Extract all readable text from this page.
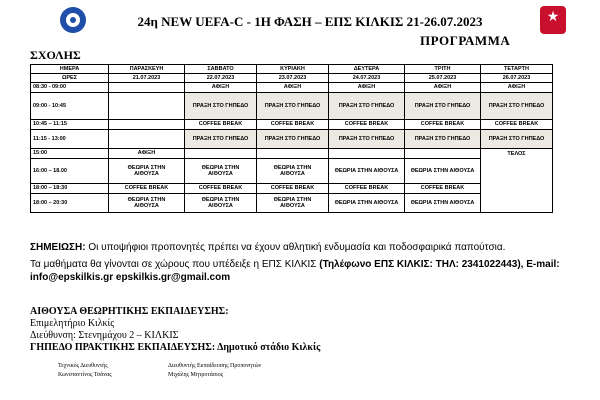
★
24η NEW UEFA-C - 1Η ΦΑΣΗ – ΕΠΣ ΚΙΛΚΙΣ 21-26.07.2023
ΠΡΟΓΡΑΜΜΑ
ΣΧΟΛΗΣ
ΗΜΕΡΑ	ΠΑΡΑΣΚΕΥΗ	ΣΑΒΒΑΤΟ	ΚΥΡΙΑΚΗ	ΔΕΥΤΕΡΑ	ΤΡΙΤΗ	ΤΕΤΑΡΤΗ
ΩΡΕΣ	21.07.2023	22.07.2023	23.07.2023	24.07.2023	25.07.2023	26.07.2023
08:30 - 09:00		ΑΦΙΞΗ	ΑΦΙΞΗ	ΑΦΙΞΗ	ΑΦΙΞΗ	ΑΦΙΞΗ
09:00 - 10:45		ΠΡΑΞΗ ΣΤΟ ΓΗΠΕΔΟ	ΠΡΑΞΗ ΣΤΟ ΓΗΠΕΔΟ	ΠΡΑΞΗ ΣΤΟ ΓΗΠΕΔΟ	ΠΡΑΞΗ ΣΤΟ ΓΗΠΕΔΟ	ΠΡΑΞΗ ΣΤΟ ΓΗΠΕΔΟ
10:45 – 11:15		COFFEE BREAK	COFFEE BREAK	COFFEE BREAK	COFFEE BREAK	COFFEE BREAK
11:15 - 13:00		ΠΡΑΞΗ ΣΤΟ ΓΗΠΕΔΟ	ΠΡΑΞΗ ΣΤΟ ΓΗΠΕΔΟ	ΠΡΑΞΗ ΣΤΟ ΓΗΠΕΔΟ	ΠΡΑΞΗ ΣΤΟ ΓΗΠΕΔΟ	ΠΡΑΞΗ ΣΤΟ ΓΗΠΕΔΟ
15:00	ΑΦΙΞΗ					ΤΕΛΟΣ
16:00 – 18.00	ΘΕΩΡΙΑ ΣΤΗΝ ΑΙΘΟΥΣΑ	ΘΕΩΡΙΑ ΣΤΗΝ ΑΙΘΟΥΣΑ	ΘΕΩΡΙΑ ΣΤΗΝ ΑΙΘΟΥΣΑ	ΘΕΩΡΙΑ ΣΤΗΝ ΑΙΘΟΥΣΑ	ΘΕΩΡΙΑ ΣΤΗΝ ΑΙΘΟΥΣΑ	
18:00 – 18:30	COFFEE BREAK	COFFEE BREAK	COFFEE BREAK	COFFEE BREAK	COFFEE BREAK	
18:00 – 20:30	ΘΕΩΡΙΑ ΣΤΗΝ ΑΙΘΟΥΣΑ	ΘΕΩΡΙΑ ΣΤΗΝ ΑΙΘΟΥΣΑ	ΘΕΩΡΙΑ ΣΤΗΝ ΑΙΘΟΥΣΑ	ΘΕΩΡΙΑ ΣΤΗΝ ΑΙΘΟΥΣΑ	ΘΕΩΡΙΑ ΣΤΗΝ ΑΙΘΟΥΣΑ	

ΣΗΜΕΙΩΣΗ: Οι υποψήφιοι προπονητές πρέπει να έχουν αθλητική ενδυμασία και ποδοσφαιρικά παπούτσια.

Τα μαθήματα θα γίνονται σε χώρους που υπέδειξε η ΕΠΣ ΚΙΛΚΙΣ (Τηλέφωνο ΕΠΣ ΚΙΛΚΙΣ: ΤΗΛ: 2341022443), E-mail: info@epskilkis.gr epskilkis.gr@gmail.com

ΑΙΘΟΥΣΑ ΘΕΩΡΗΤΙΚΗΣ ΕΚΠΑΙΔΕΥΣΗΣ:

Επιμελητήριο Κιλκίς

Διεύθυνση: Στενημάχου 2 – ΚΙΛΚΙΣ

ΓΗΠΕΔΟ ΠΡΑΚΤΙΚΗΣ ΕΚΠΑΙΔΕΥΣΗΣ: Δημοτικό στάδιο Κιλκίς

Τεχνικός Διευθυντής	Διευθυντής Εκπαίδευσης Προπονητών
Κωνσταντίνος Τσάνας	Μιχάλης Μητροτάσιος
